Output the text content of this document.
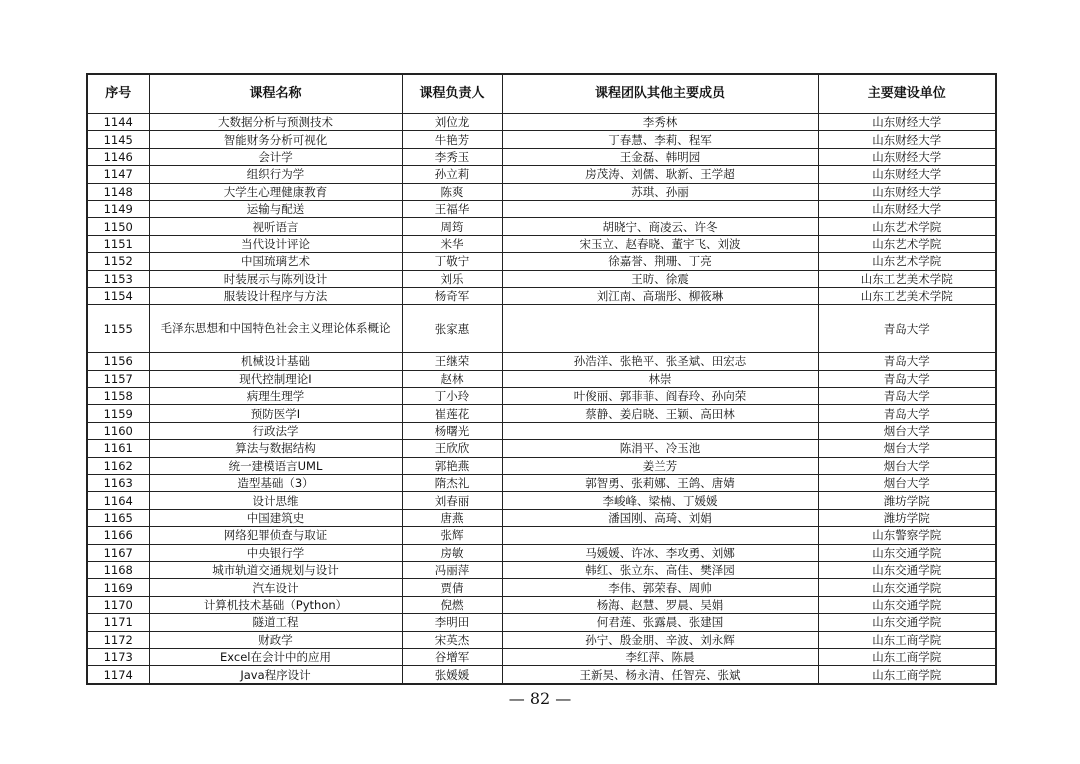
序号	课程名称	课程负责人	课程团队其他主要成员	主要建设单位
1144	大数据分析与预测技术	刘位龙	李秀林	山东财经大学
1145	智能财务分析可视化	牛艳芳	丁春慧、李莉、程军	山东财经大学
1146	会计学	李秀玉	王金磊、韩明园	山东财经大学
1147	组织行为学	孙立莉	房茂涛、刘儒、耿新、王学超	山东财经大学
1148	大学生心理健康教育	陈爽	苏琪、孙丽	山东财经大学
1149	运输与配送	王福华		山东财经大学
1150	视听语言	周筠	胡晓宁、商凌云、许冬	山东艺术学院
1151	当代设计评论	米华	宋玉立、赵春晓、董宇飞、刘波	山东艺术学院
1152	中国琉璃艺术	丁敬宁	徐嘉誉、荆珊、丁亮	山东艺术学院
1153	时装展示与陈列设计	刘乐	王昉、徐震	山东工艺美术学院
1154	服装设计程序与方法	杨奇军	刘江南、高瑞彤、柳筱琳	山东工艺美术学院
1155	毛泽东思想和中国特色社会主义理论体系概论	张家惠		青岛大学
1156	机械设计基础	王继荣	孙浩洋、张艳平、张圣斌、田宏志	青岛大学
1157	现代控制理论I	赵林	林崇	青岛大学
1158	病理生理学	丁小玲	叶俊丽、郭菲菲、阎春玲、孙向荣	青岛大学
1159	预防医学I	崔莲花	蔡静、姜启晓、王颖、高田林	青岛大学
1160	行政法学	杨曙光		烟台大学
1161	算法与数据结构	王欣欣	陈涓平、冷玉池	烟台大学
1162	统一建模语言UML	郭艳燕	姜兰芳	烟台大学
1163	造型基础（3）	隋杰礼	郭智勇、张莉娜、王鸽、唐婧	烟台大学
1164	设计思维	刘春丽	李峻峰、梁楠、丁媛媛	潍坊学院
1165	中国建筑史	唐燕	潘国刚、高琦、刘娟	潍坊学院
1166	网络犯罪侦查与取证	张辉		山东警察学院
1167	中央银行学	房敏	马媛媛、许冰、李攻勇、刘娜	山东交通学院
1168	城市轨道交通规划与设计	冯丽萍	韩红、张立东、高佳、樊泽园	山东交通学院
1169	汽车设计	贾倩	李伟、郭荣春、周帅	山东交通学院
1170	计算机技术基础（Python）	倪燃	杨海、赵慧、罗晨、吴娟	山东交通学院
1171	隧道工程	李明田	何君莲、张露晨、张建国	山东交通学院
1172	财政学	宋英杰	孙宁、殷金朋、辛波、刘永辉	山东工商学院
1173	Excel在会计中的应用	谷增军	李红萍、陈晨	山东工商学院
1174	Java程序设计	张媛媛	王新昊、杨永清、任智亮、张斌	山东工商学院
— 82 —
